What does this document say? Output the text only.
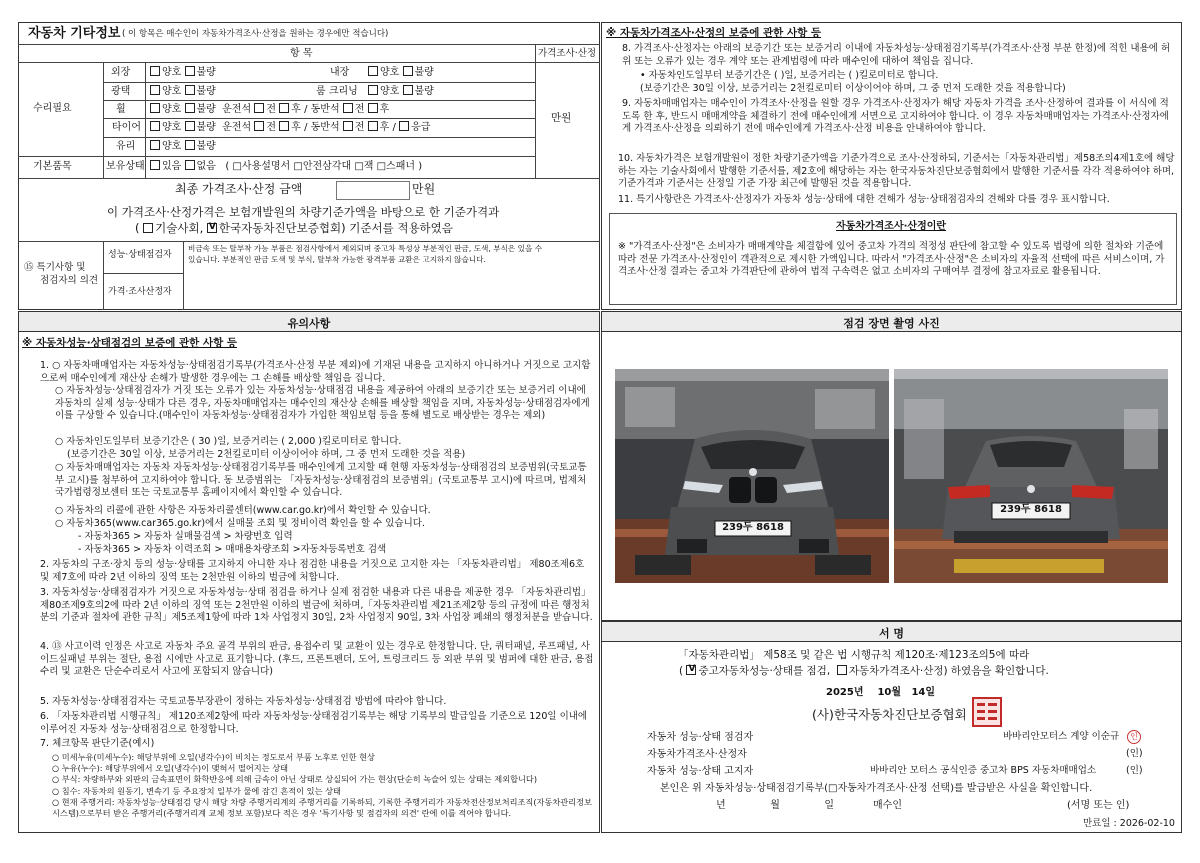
자동차 기타정보 ( 이 항목은 매수인이 자동차가격조사·산정을 원하는 경우에만 적습니다)
항 목	가격조사·산정
수리필요
기본품목
외장	양호 불량	내장	양호 불량
광택	양호 불량	룸 크리닝	양호 불량
휠	양호 불량 운전석 전 후 / 동반석 전 후
타이어	양호 불량 운전석 전 후 / 동반석 전 후 / 응급
유리	양호 불량
보유상태	있음 없음 ( □사용설명서 □안전삼각대 □잭 □스패너 )
만원
최종 가격조사·산정 금액	만원
이 가격조사·산정가격은 보험개발원의 차량기준가액을 바탕으로 한 기준가격과
( 기술사회, V한국자동차진단보증협회) 기준서를 적용하였음
⑮ 특기사항 및
점검자의 의견
성능·상태점검자
가격·조사산정자
비금속 또는 탈부착 가능 부품은 점검사항에서 제외되며 중고차 특성상 부분적인 판금, 도색, 부식은 있을 수
있습니다. 부분적인 판금 도색 및 부식, 탈부착 가능한 광격부품 교환은 고지하지 않습니다.
※ 자동차가격조사·산정의 보증에 관한 사항 등
8. 가격조사·산정자는 아래의 보증기간 또는 보증거리 이내에 자동차성능·상태점검기록부(가격조사·산정 부분 한정)에 적힌 내용에 허위 또는 오류가 있는 경우 계약 또는 관계법령에 따라 매수인에 대하여 책임을 집니다.
• 자동차인도일부터 보증기간은 ( )일, 보증거리는 ( )킬로미터로 합니다.
(보증기간은 30일 이상, 보증거리는 2천킬로미터 이상이어야 하며, 그 중 먼저 도래한 것을 적용합니다)
9. 자동차매매업자는 매수인이 가격조사·산정을 원할 경우 가격조사·산정자가 해당 자동차 가격을 조사·산정하여 결과를 이 서식에 적도록 한 후, 반드시 매매계약을 체결하기 전에 매수인에게 서면으로 고지하여야 합니다. 이 경우 자동차매매업자는 가격조사·산정자에게 가격조사·산정을 의뢰하기 전에 매수인에게 가격조사·산정 비용을 안내하여야 합니다.
10. 자동차가격은 보험개발원이 정한 차량기준가액을 기준가격으로 조사·산정하되, 기준서는「자동차관리법」제58조의4제1호에 해당하는 자는 기술사회에서 발행한 기준서를, 제2호에 해당하는 자는 한국자동차진단보증협회에서 발행한 기준서를 각각 적용하여야 하며, 기준가격과 기준서는 산정일 기준 가장 최근에 발행된 것을 적용합니다.
11. 특기사항란은 가격조사·산정자가 자동차 성능·상태에 대한 견해가 성능·상태점검자의 견해와 다를 경우 표시합니다.
자동차가격조사·산정이란
※ "가격조사·산정"은 소비자가 매매계약을 체결함에 있어 중고차 가격의 적정성 판단에 참고할 수 있도록 법령에 의한 절차와 기준에 따라 전문 가격조사·산정인이 객관적으로 제시한 가액입니다. 따라서 "가격조사·산정"은 소비자의 자율적 선택에 따른 서비스이며, 가격조사·산정 결과는 중고차 가격판단에 관하여 법적 구속력은 없고 소비자의 구매여부 결정에 참고자료로 활용됩니다.
유의사항
※ 자동차성능·상태점검의 보증에 관한 사항 등
1. ○ 자동차매매업자는 자동차성능·상태점검기록부(가격조사·산정 부분 제외)에 기재된 내용을 고지하지 아니하거나 거짓으로 고지함으로써 매수인에게 재산상 손해가 발생한 경우에는 그 손해를 배상할 책임을 집니다.
○ 자동차성능·상태점검자가 거짓 또는 오류가 있는 자동차성능·상태점검 내용을 제공하여 아래의 보증기간 또는 보증거리 이내에 자동차의 실제 성능·상태가 다른 경우, 자동차매매업자는 매수인의 재산상 손해를 배상할 책임을 지며, 자동차성능·상태점검자에게 이를 구상할 수 있습니다.(매수인이 자동차성능·상태점검자가 가입한 책임보험 등을 통해 별도로 배상받는 경우는 제외)
○ 자동차인도일부터 보증기간은 ( 30 )일, 보증거리는 ( 2,000 )킬로미터로 합니다.
(보증기간은 30일 이상, 보증거리는 2천킬로미터 이상이어야 하며, 그 중 먼저 도래한 것을 적용)
○ 자동차매매업자는 자동차 자동차성능·상태점검기록부를 매수인에게 고지할 때 현행 자동차성능·상태점검의 보증범위(국토교통부 고시)를 첨부하여 고지하여야 합니다. 동 보증범위는 「자동차성능·상태점검의 보증범위」(국토교통부 고시)에 따르며, 법제처 국가법령정보센터 또는 국토교통부 홈페이지에서 확인할 수 있습니다.
○ 자동차의 리콜에 관한 사항은 자동차리콜센터(www.car.go.kr)에서 확인할 수 있습니다.
○ 자동차365(www.car365.go.kr)에서 실매물 조회 및 정비이력 확인을 할 수 있습니다.
- 자동차365 > 자동차 실매물검색 > 차량번호 입력
- 자동차365 > 자동차 이력조회 > 매매용차량조회 >자동차등록번호 검색
2. 자동차의 구조·장치 등의 성능·상태를 고지하지 아니한 자나 점검한 내용을 거짓으로 고지한 자는 「자동차관리법」 제80조제6호 및 제7호에 따라 2년 이하의 징역 또는 2천만원 이하의 벌금에 처합니다.
3. 자동차성능·상태점검자가 거짓으로 자동차성능·상태 점검을 하거나 실제 점검한 내용과 다른 내용을 제공한 경우 「자동차관리법」제80조제9호의2에 따라 2년 이하의 징역 또는 2천만원 이하의 벌금에 처하며,「자동차관리법 제21조제2항 등의 규정에 따른 행정처분의 기준과 절차에 관한 규칙」제5조제1항에 따라 1차 사업정지 30일, 2차 사업정지 90일, 3차 사업장 폐쇄의 행정처분을 받습니다.
4. ⑬ 사고이력 인정은 사고로 자동차 주요 골격 부위의 판금, 용접수리 및 교환이 있는 경우로 한정합니다. 단, 쿼터패널, 루프패널, 사이드실패널 부위는 절단, 용접 시에만 사고로 표기합니다. (후드, 프론트펜더, 도어, 트렁크리드 등 외판 부위 및 범퍼에 대한 판금, 용접수리 및 교환은 단순수리로서 사고에 포함되지 않습니다)
5. 자동차성능·상태점검자는 국토교통부장관이 정하는 자동차성능·상태점검 방법에 따라야 합니다.
6. 「자동차관리법 시행규칙」 제120조제2항에 따라 자동차성능·상태점검기록부는 해당 기록부의 발급일을 기준으로 120일 이내에 이루어진 자동차 성능·상태점검으로 한정합니다.
7. 체크항목 판단기준(예시)
○ 미세누유(미세누수): 해당부위에 오일(냉각수)이 비치는 정도로서 부품 노후로 인한 현상
○ 누유(누수): 해당부위에서 오일(냉각수)이 맺혀서 떨어지는 상태
○ 부식: 차량하부와 외판의 금속표면이 화학반응에 의해 금속이 아닌 상태로 상실되어 가는 현상(단순히 녹슬어 있는 상태는 제외합니다)
○ 침수: 자동차의 원동기, 변속기 등 주요장치 일부가 물에 잠긴 흔적이 있는 상태
○ 현재 주행거리: 자동차성능·상태점검 당시 해당 차량 주행거리계의 주행거리를 기록하되, 기록한 주행거리가 자동차전산정보처리조직(자동차관리정보시스템)으로부터 받은 주행거리(주행거리계 교체 정보 포함)보다 적은 경우 '특기사항 및 점검자의 의견' 란에 이를 적어야 합니다.
점검 장면 촬영 사진
239두 8618
239두 8618
서 명
「자동차관리법」 제58조 및 같은 법 시행규칙 제120조·제123조의5에 따라
( V중고자동차성능·상태를 점검, 자동차가격조사·산정) 하였음을 확인합니다.
2025년 10월 14일
(사)한국자동차진단보증협회
자동차 성능·상태 점검자	바바리안모터스 계양 이순규	인
자동차가격조사·산정자	(인)
자동차 성능·상태 고지자	바바리안 모터스 공식인증 중고차 BPS 자동차매매업소	(인)
본인은 위 자동차성능·상태점검기록부(□자동차가격조사·산정 선택)를 발급받은 사실을 확인합니다.
년	월	일	매수인	(서명 또는 인)
만료일 : 2026-02-10
